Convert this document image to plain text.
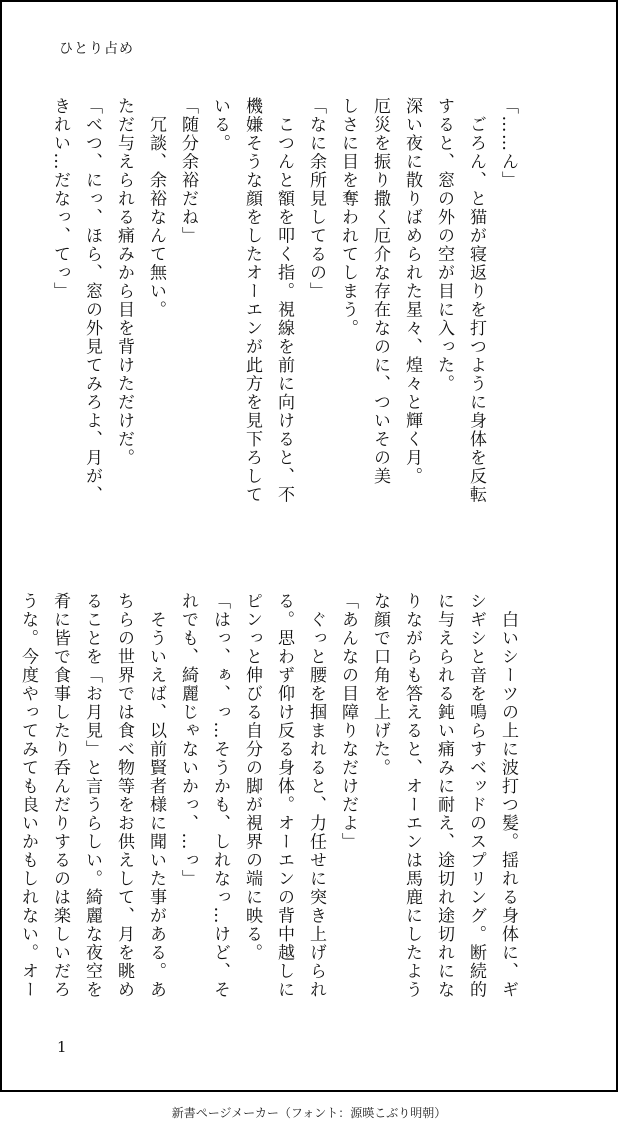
ひとり占め
「……ん」
　ごろん、と猫が寝返りを打つように身体を反転
すると、窓の外の空が目に入った。
深い夜に散りばめられた星々、煌々と輝く月。
厄災を振り撒く厄介な存在なのに、ついその美
しさに目を奪われてしまう。
「なに余所見してるの」
　こつんと額を叩く指。視線を前に向けると、不
機嫌そうな顔をしたオーエンが此方を見下ろして
いる。
「随分余裕だね」
　冗談、余裕なんて無い。
ただ与えられる痛みから目を背けただけだ。
「べつ、にっ、ほら、窓の外見てみろよ、月が、
きれい…だなっ、てっ」
　白いシーツの上に波打つ髪。揺れる身体に、ギ
シギシと音を鳴らすベッドのスプリング。断続的
に与えられる鈍い痛みに耐え、途切れ途切れにな
りながらも答えると、オーエンは馬鹿にしたよう
な顔で口角を上げた。
「あんなの目障りなだけだよ」
　ぐっと腰を掴まれると、力任せに突き上げられ
る。思わず仰け反る身体。オーエンの背中越しに
ピンっと伸びる自分の脚が視界の端に映る。
「はっ、ぁ、っ…そうかも、しれなっ…けど、そ
れでも、綺麗じゃないかっ、…っ」
　そういえば、以前賢者様に聞いた事がある。あ
ちらの世界では食べ物等をお供えして、月を眺め
ることを「お月見」と言うらしい。綺麗な夜空を
肴に皆で食事したり呑んだりするのは楽しいだろ
うな。今度やってみても良いかもしれない。オー
1
新書ページメーカー（フォント：源暎こぶり明朝）
